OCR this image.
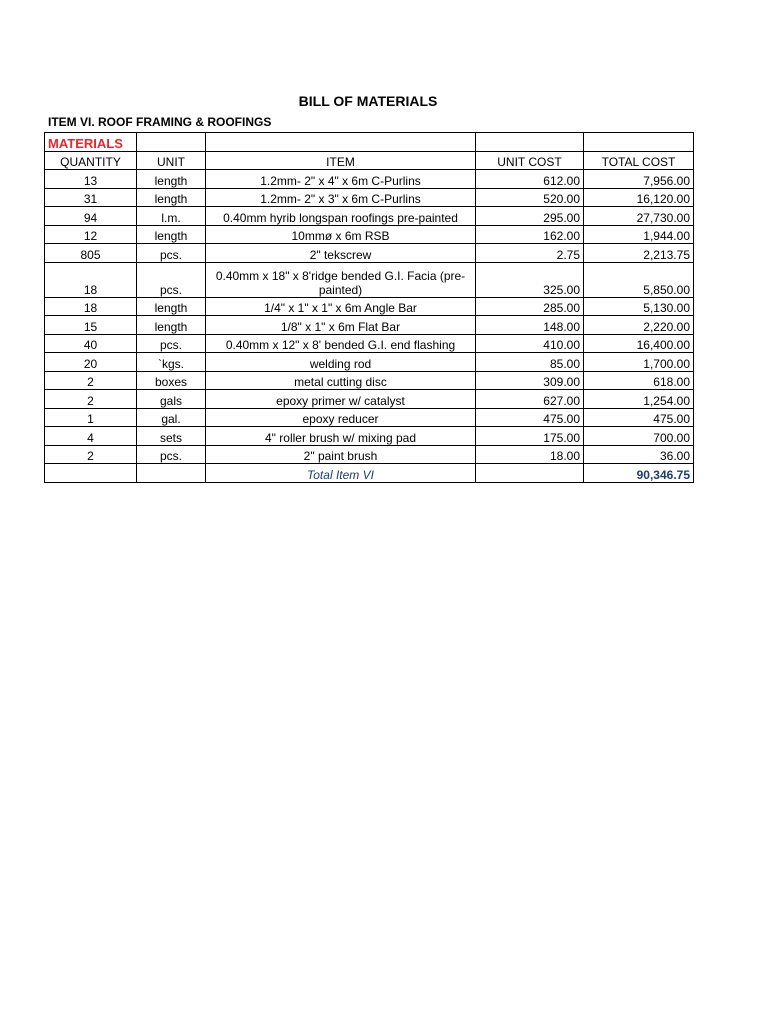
BILL OF MATERIALS
ITEM VI. ROOF FRAMING & ROOFINGS
MATERIALS				
QUANTITY	UNIT	ITEM	UNIT COST	TOTAL COST
13	length	1.2mm- 2" x 4" x 6m C-Purlins	612.00	7,956.00
31	length	1.2mm- 2" x 3" x 6m C-Purlins	520.00	16,120.00
94	l.m.	0.40mm hyrib longspan roofings pre-painted	295.00	27,730.00
12	length	10mmø x 6m RSB	162.00	1,944.00
805	pcs.	2" tekscrew	2.75	2,213.75
18	pcs.	0.40mm x 18" x 8'ridge bended G.I. Facia (pre-painted)	325.00	5,850.00
18	length	1/4" x 1" x 1" x 6m Angle Bar	285.00	5,130.00
15	length	1/8" x 1" x 6m Flat Bar	148.00	2,220.00
40	pcs.	0.40mm x 12" x 8' bended G.I. end flashing	410.00	16,400.00
20	`kgs.	welding rod	85.00	1,700.00
2	boxes	metal cutting disc	309.00	618.00
2	gals	epoxy primer w/ catalyst	627.00	1,254.00
1	gal.	epoxy reducer	475.00	475.00
4	sets	4" roller brush w/ mixing pad	175.00	700.00
2	pcs.	2" paint brush	18.00	36.00
		Total Item VI		90,346.75
